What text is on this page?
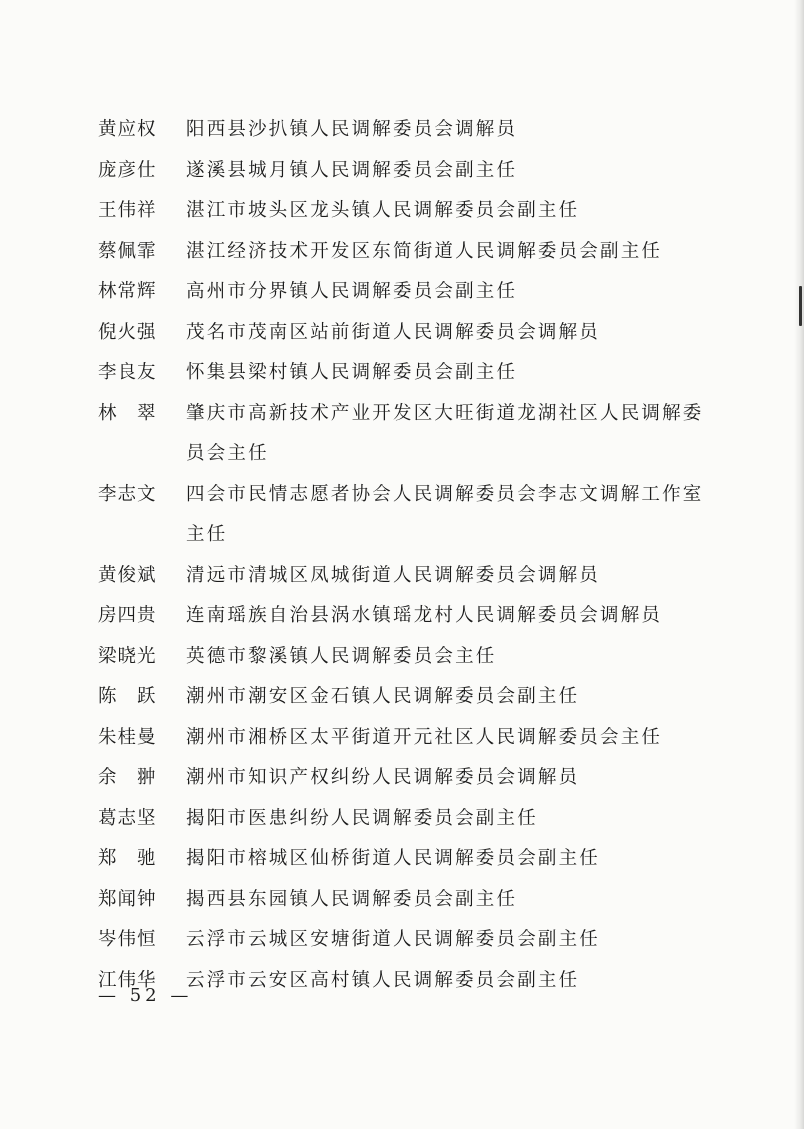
黄应权	阳西县沙扒镇人民调解委员会调解员
庞彦仕	遂溪县城月镇人民调解委员会副主任
王伟祥	湛江市坡头区龙头镇人民调解委员会副主任
蔡佩霏	湛江经济技术开发区东简街道人民调解委员会副主任
林常辉	高州市分界镇人民调解委员会副主任
倪火强	茂名市茂南区站前街道人民调解委员会调解员
李良友	怀集县梁村镇人民调解委员会副主任
林　翠	肇庆市高新技术产业开发区大旺街道龙湖社区人民调解委员会主任
李志文	四会市民情志愿者协会人民调解委员会李志文调解工作室主任
黄俊斌	清远市清城区凤城街道人民调解委员会调解员
房四贵	连南瑶族自治县涡水镇瑶龙村人民调解委员会调解员
梁晓光	英德市黎溪镇人民调解委员会主任
陈　跃	潮州市潮安区金石镇人民调解委员会副主任
朱桂曼	潮州市湘桥区太平街道开元社区人民调解委员会主任
余　翀	潮州市知识产权纠纷人民调解委员会调解员
葛志坚	揭阳市医患纠纷人民调解委员会副主任
郑　驰	揭阳市榕城区仙桥街道人民调解委员会副主任
郑闻钟	揭西县东园镇人民调解委员会副主任
岑伟恒	云浮市云城区安塘街道人民调解委员会副主任
江伟华	云浮市云安区高村镇人民调解委员会副主任
— 52 —
